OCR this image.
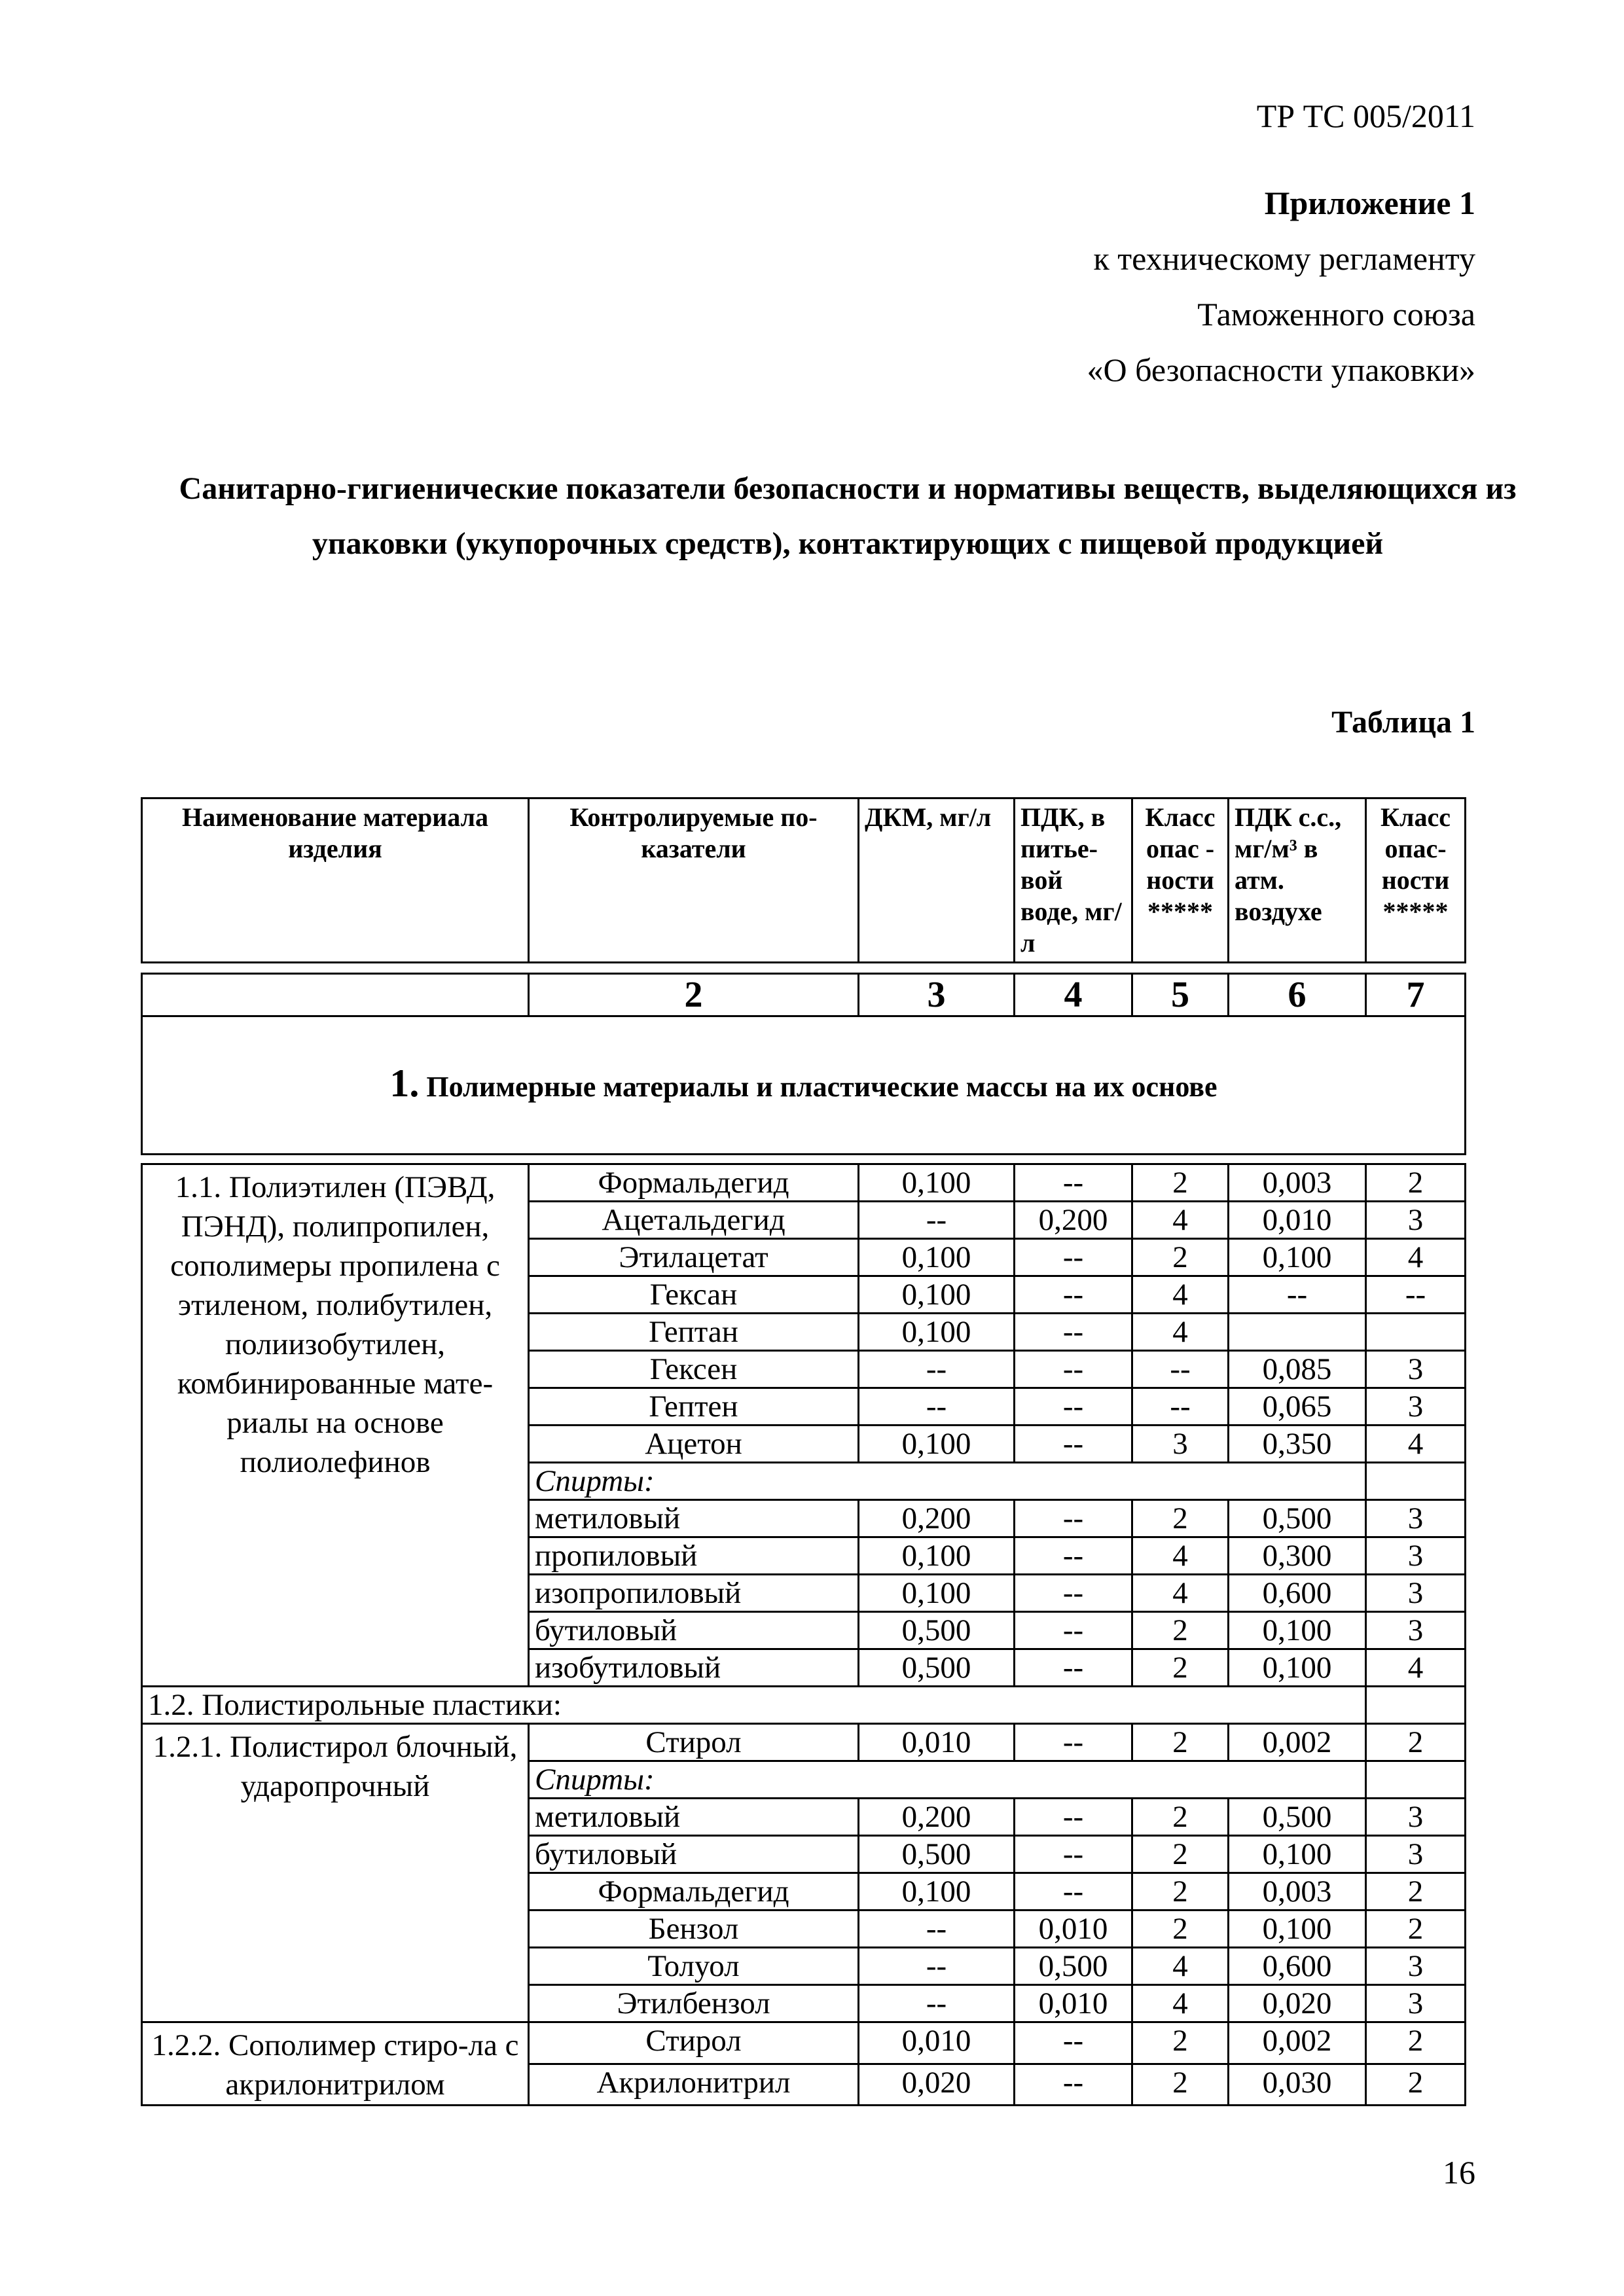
ТР ТС 005/2011
Приложение 1
к техническому регламенту
Таможенного союза
«О безопасности упаковки»
Санитарно-гигиенические показатели безопасности и нормативы веществ, выделяющихся из упаковки (укупорочных средств), контактирующих с пищевой продукцией
Таблица 1
Наименование материала изделия	Контролируемые по-казатели	ДКМ, мг/л	ПДК, в питье-вой воде, мг/л	Класс опас - ности *****	ПДК с.с., мг/м³ в атм. воздухе	Класс опас-ности *****

	2	3	4	5	6	7
1. Полимерные материалы и пластические массы на их основе						
1.1. Полиэтилен (ПЭВД, ПЭНД), полипропилен, сополимеры пропилена с этиленом, полибутилен, полиизобутилен, комбинированные мате-риалы на основе полиолефинов	Формальдегид	0,100	--	2	0,003	2
	Ацетальдегид	--	0,200	4	0,010	3
	Этилацетат	0,100	--	2	0,100	4
	Гексан	0,100	--	4	--	--
	Гептан	0,100	--	4		
	Гексен	--	--	--	0,085	3
	Гептен	--	--	--	0,065	3
	Ацетон	0,100	--	3	0,350	4
	Спирты:					
	метиловый	0,200	--	2	0,500	3
	пропиловый	0,100	--	4	0,300	3
	изопропиловый	0,100	--	4	0,600	3
	бутиловый	0,500	--	2	0,100	3
	изобутиловый	0,500	--	2	0,100	4
1.2. Полистирольные пластики:						
1.2.1. Полистирол блочный, ударопрочный	Стирол	0,010	--	2	0,002	2
	Спирты:					
	метиловый	0,200	--	2	0,500	3
	бутиловый	0,500	--	2	0,100	3
	Формальдегид	0,100	--	2	0,003	2
	Бензол	--	0,010	2	0,100	2
	Толуол	--	0,500	4	0,600	3
	Этилбензол	--	0,010	4	0,020	3
1.2.2. Сополимер стиро-ла с акрилонитрилом	Стирол	0,010	--	2	0,002	2
	Акрилонитрил	0,020	--	2	0,030	2
16
